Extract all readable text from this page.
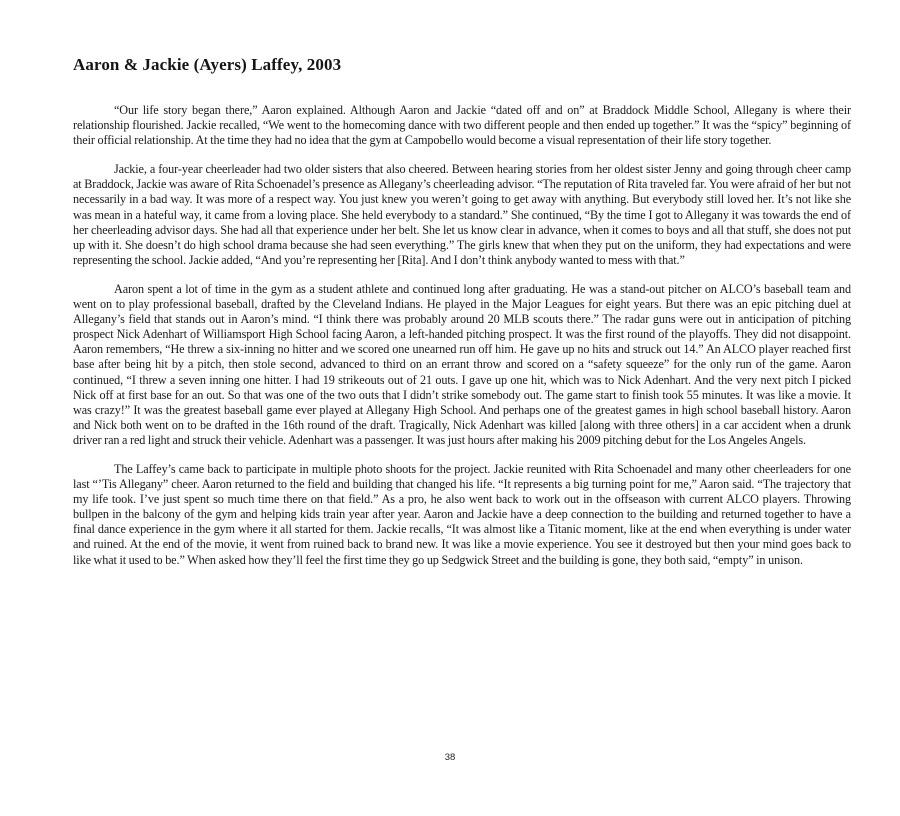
Aaron & Jackie (Ayers) Laffey, 2003

“Our life story began there,” Aaron explained. Although Aaron and Jackie “dated off and on” at Braddock Middle School, Allegany is where their relationship flourished. Jackie recalled, “We went to the homecoming dance with two different people and then ended up together.” It was the “spicy” beginning of their official relationship. At the time they had no idea that the gym at Campobello would become a visual representation of their life story together.

Jackie, a four-year cheerleader had two older sisters that also cheered. Between hearing stories from her oldest sister Jenny and going through cheer camp at Braddock, Jackie was aware of Rita Schoenadel’s presence as Allegany’s cheerleading advisor. “The reputation of Rita traveled far. You were afraid of her but not necessarily in a bad way. It was more of a respect way. You just knew you weren’t going to get away with anything. But everybody still loved her. It’s not like she was mean in a hateful way, it came from a loving place. She held everybody to a standard.” She continued, “By the time I got to Allegany it was towards the end of her cheerleading advisor days. She had all that experience under her belt. She let us know clear in advance, when it comes to boys and all that stuff, she does not put up with it. She doesn’t do high school drama because she had seen everything.” The girls knew that when they put on the uniform, they had expectations and were representing the school. Jackie added, “And you’re representing her [Rita]. And I don’t think anybody wanted to mess with that.”

Aaron spent a lot of time in the gym as a student athlete and continued long after graduating. He was a stand-out pitcher on ALCO’s baseball team and went on to play professional baseball, drafted by the Cleveland Indians. He played in the Major Leagues for eight years. But there was an epic pitching duel at Allegany’s field that stands out in Aaron’s mind. “I think there was probably around 20 MLB scouts there.” The radar guns were out in anticipation of pitching prospect Nick Adenhart of Williamsport High School facing Aaron, a left-handed pitching prospect. It was the first round of the playoffs. They did not disappoint. Aaron remembers, “He threw a six-inning no hitter and we scored one unearned run off him. He gave up no hits and struck out 14.” An ALCO player reached first base after being hit by a pitch, then stole second, advanced to third on an errant throw and scored on a “safety squeeze” for the only run of the game. Aaron continued, “I threw a seven inning one hitter. I had 19 strikeouts out of 21 outs. I gave up one hit, which was to Nick Adenhart. And the very next pitch I picked Nick off at first base for an out. So that was one of the two outs that I didn’t strike somebody out. The game start to finish took 55 minutes. It was like a movie. It was crazy!” It was the greatest baseball game ever played at Allegany High School. And perhaps one of the greatest games in high school baseball history. Aaron and Nick both went on to be drafted in the 16th round of the draft. Tragically, Nick Adenhart was killed [along with three others] in a car accident when a drunk driver ran a red light and struck their vehicle. Adenhart was a passenger. It was just hours after making his 2009 pitching debut for the Los Angeles Angels.

The Laffey’s came back to participate in multiple photo shoots for the project. Jackie reunited with Rita Schoenadel and many other cheerleaders for one last “’Tis Allegany” cheer. Aaron returned to the field and building that changed his life. “It represents a big turning point for me,” Aaron said. “The trajectory that my life took. I’ve just spent so much time there on that field.” As a pro, he also went back to work out in the offseason with current ALCO players. Throwing bullpen in the balcony of the gym and helping kids train year after year. Aaron and Jackie have a deep connection to the building and returned together to have a final dance experience in the gym where it all started for them. Jackie recalls, “It was almost like a Titanic moment, like at the end when everything is under water and ruined. At the end of the movie, it went from ruined back to brand new. It was like a movie experience. You see it destroyed but then your mind goes back to like what it used to be.” When asked how they’ll feel the first time they go up Sedgwick Street and the building is gone, they both said, “empty” in unison.

38
